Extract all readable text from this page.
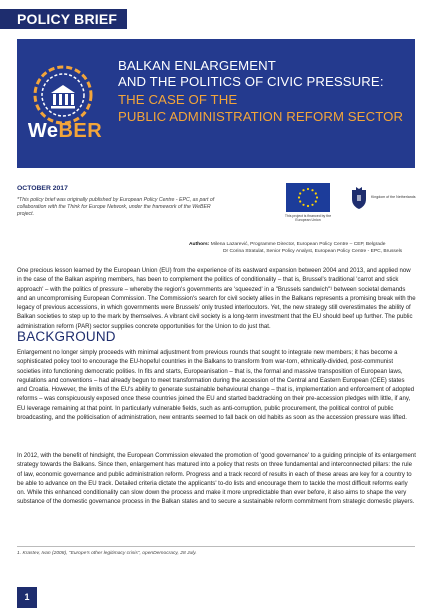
POLICY BRIEF
WeBER
BALKAN ENLARGEMENT
AND THE POLITICS OF CIVIC PRESSURE:
THE CASE OF THE
PUBLIC ADMINISTRATION REFORM SECTOR
OCTOBER 2017
*This policy brief was originally published by European Policy Centre - EPC, as part of collaboration with the Think for Europe Network, under the framework of the WeBER project.	This project is financed by the European Union
Kingdom of the Netherlands
Authors: Milena Lazarević, Programme Director, European Policy Centre – CEP, Belgrade
Dr Corina Stratulat, Senior Policy Analyst, European Policy Centre - EPC, Brussels

One precious lesson learned by the European Union (EU) from the experience of its eastward expansion between 2004 and 2013, and applied now in the case of the Balkan aspiring members, has been to complement the politics of conditionality – that is, Brussel's traditional 'carrot and stick approach' – with the politics of pressure – whereby the region's governments are 'squeezed' in a "Brussels sandwich"¹ between societal demands and an uncompromising European Commission. The Commission's search for civil society allies in the Balkans represents a promising break with the legacy of previous accessions, in which governments were Brussels' only trusted interlocutors. Yet, the new strategy still overestimates the ability of Balkan societies to step up to the mark by themselves. A vibrant civil society is a long-term investment that the EU should beef up further. The public administration reform (PAR) sector supplies concrete opportunities for the Union to do just that.

BACKGROUND

Enlargement no longer simply proceeds with minimal adjustment from previous rounds that sought to integrate new members; it has become a sophisticated policy tool to encourage the EU-hopeful countries in the Balkans to transform from war-torn, ethnically-divided, post-communist societies into functioning democratic polities. In fits and starts, Europeanisation – that is, the formal and massive transposition of European laws, regulations and conventions – had already begun to meet transformation during the accession of the Central and Eastern European (CEE) states and Croatia. However, the limits of the EU's ability to generate sustainable behavioural change – that is, implementation and enforcement of adopted reforms – was conspicuously exposed once these countries joined the EU and started backtracking on their pre-accession pledges with little, if any, EU leverage remaining at that point. In particularly vulnerable fields, such as anti-corruption, public procurement, the political control of public broadcasting, and the politicisation of administration, new entrants seemed to fall back on old habits as soon as the accession pressure was lifted.

In 2012, with the benefit of hindsight, the European Commission elevated the promotion of 'good governance' to a guiding principle of its enlargement strategy towards the Balkans. Since then, enlargement has matured into a policy that rests on three fundamental and interconnected pillars: the rule of law, economic governance and public administration reform. Progress and a track record of results in each of these areas are key for a country to be able to advance on the EU track. Detailed criteria dictate the applicants' to-do lists and encourage them to tackle the most difficult reforms early on. While this enhanced conditionality can slow down the process and make it more unpredictable than ever before, it also aims to shape the very substance of the domestic governance process in the Balkan states and to secure a sustainable reform commitment from strategic domestic players.

1. Krastev, Ivan (2008), "Europe's other legitimacy crisis", openDemocracy, 28 July.
1
